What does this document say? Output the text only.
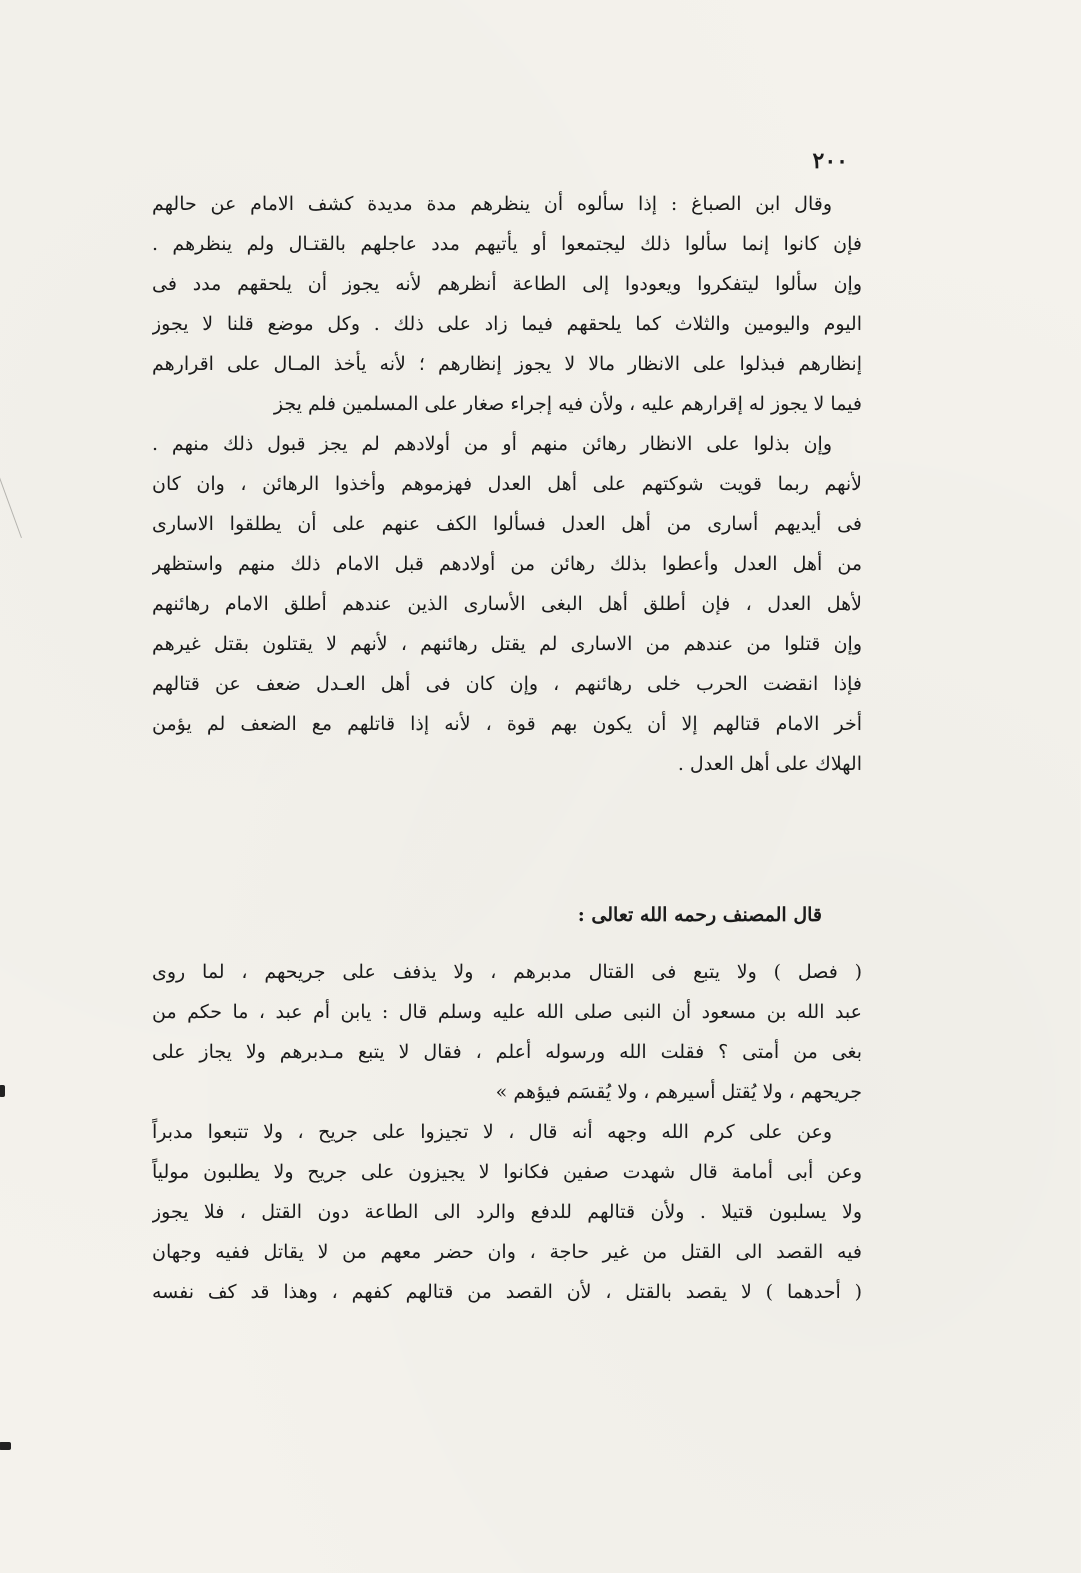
٢٠٠
وقال ابن الصباغ : إذا سألوه أن ينظرهم مدة مديدة كشف الامام عن حالهم
فإن كانوا إنما سألوا ذلك ليجتمعوا أو يأتيهم مدد عاجلهم بالقتـال ولم ينظرهم .
وإن سألوا ليتفكروا ويعودوا إلى الطاعة أنظرهم لأنه يجوز أن يلحقهم مدد فى
اليوم واليومين والثلاث كما يلحقهم فيما زاد على ذلك . وكل موضع قلنا لا يجوز
إنظارهم فبذلوا على الانظار مالا لا يجوز إنظارهم ؛ لأنه يأخذ المـال على اقرارهم
فيما لا يجوز له إقرارهم عليه ، ولأن فيه إجراء صغار على المسلمين فلم يجز
وإن بذلوا على الانظار رهائن منهم أو من أولادهم لم يجز قبول ذلك منهم .
لأنهم ربما قويت شوكتهم على أهل العدل فهزموهم وأخذوا الرهائن ، وان كان
فى أيديهم أسارى من أهل العدل فسألوا الكف عنهم على أن يطلقوا الاسارى
من أهل العدل وأعطوا بذلك رهائن من أولادهم قبل الامام ذلك منهم واستظهر
لأهل العدل ، فإن أطلق أهل البغى الأسارى الذين عندهم أطلق الامام رهائنهم
وإن قتلوا من عندهم من الاسارى لم يقتل رهائنهم ، لأنهم لا يقتلون بقتل غيرهم
فإذا انقضت الحرب خلى رهائنهم ، وإن كان فى أهل العـدل ضعف عن قتالهم
أخر الامام قتالهم إلا أن يكون بهم قوة ، لأنه إذا قاتلهم مع الضعف لم يؤمن
الهلاك على أهل العدل .
قال المصنف رحمه الله تعالى :
( فصل ) ولا يتبع فى القتال مدبرهم ، ولا يذفف على جريحهم ، لما روى
عبد الله بن مسعود أن النبى صلى الله عليه وسلم قال : يابن أم عبد ، ما حكم من
بغى من أمتى ؟ فقلت الله ورسوله أعلم ، فقال لا يتبع مـدبرهم ولا يجاز على
جريحهم ، ولا يُقتل أسيرهم ، ولا يُقسَم فيؤهم »
وعن على كرم الله وجهه أنه قال ، لا تجيزوا على جريح ، ولا تتبعوا مدبراً
وعن أبى أمامة قال شهدت صفين فكانوا لا يجيزون على جريح ولا يطلبون مولياً
ولا يسلبون قتيلا . ولأن قتالهم للدفع والرد الى الطاعة دون القتل ، فلا يجوز
فيه القصد الى القتل من غير حاجة ، وان حضر معهم من لا يقاتل ففيه وجهان
( أحدهما ) لا يقصد بالقتل ، لأن القصد من قتالهم كفهم ، وهذا قد كف نفسه
